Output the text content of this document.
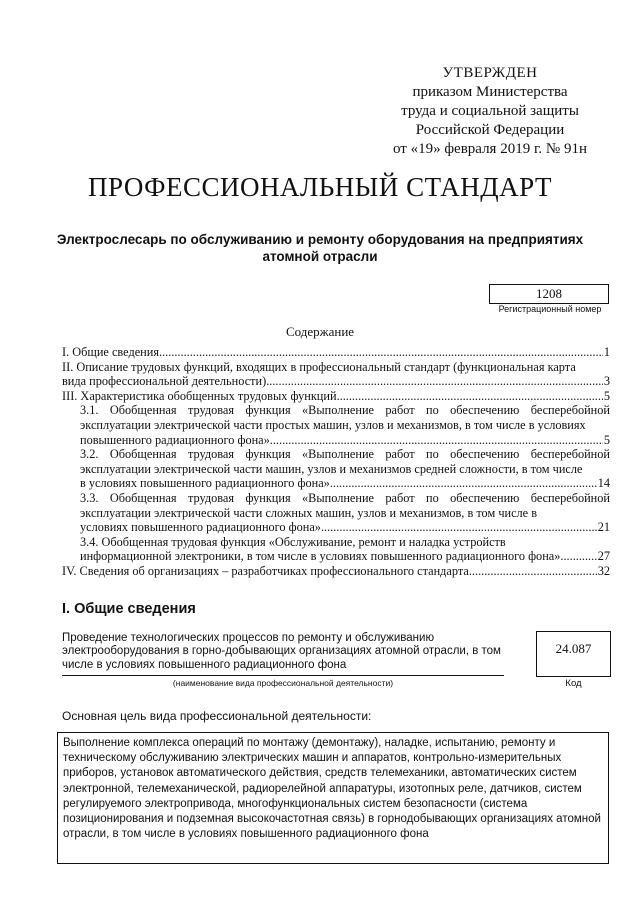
УТВЕРЖДЕН
приказом Министерства
труда и социальной защиты
Российской Федерации
от «19» февраля 2019 г. № 91н
ПРОФЕССИОНАЛЬНЫЙ СТАНДАРТ
Электрослесарь по обслуживанию и ремонту оборудования на предприятиях
атомной отрасли
1208
Регистрационный номер
Содержание
I. Общие сведения .....	1
II. Описание трудовых функций, входящих в профессиональный стандарт (функциональная карта
вида профессиональной деятельности) .....	3
III. Характеристика обобщенных трудовых функций .....	5
3.1. Обобщенная трудовая функция «Выполнение работ по обеспечению бесперебойной эксплуатации электрической части простых машин, узлов и механизмов, в том числе в условиях
повышенного радиационного фона» .....	5
3.2. Обобщенная трудовая функция «Выполнение работ по обеспечению бесперебойной эксплуатации электрической части машин, узлов и механизмов средней сложности, в том числе
в условиях повышенного радиационного фона» .....	14
3.3. Обобщенная трудовая функция «Выполнение работ по обеспечению бесперебойной эксплуатации электрической части сложных машин, узлов и механизмов, в том числе в
условиях повышенного радиационного фона» .....	21
3.4. Обобщенная трудовая функция «Обслуживание, ремонт и наладка устройств
информационной электроники, в том числе в условиях повышенного радиационного фона» .....	27
IV. Сведения об организациях – разработчиках профессионального стандарта .....	32
I. Общие сведения
Проведение технологических процессов по ремонту и обслуживанию электрооборудования в горно-добывающих организациях атомной отрасли, в том числе в условиях повышенного радиационного фона
(наименование вида профессиональной деятельности)
24.087
Код
Основная цель вида профессиональной деятельности:
Выполнение комплекса операций по монтажу (демонтажу), наладке, испытанию, ремонту и техническому обслуживанию электрических машин и аппаратов, контрольно-измерительных приборов, установок автоматического действия, средств телемеханики, автоматических систем электронной, телемеханической, радиорелейной аппаратуры, изотопных реле, датчиков, систем регулируемого электропривода, многофункциональных систем безопасности (система позиционирования и подземная высокочастотная связь) в горнодобывающих организациях атомной отрасли, в том числе в условиях повышенного радиационного фона
